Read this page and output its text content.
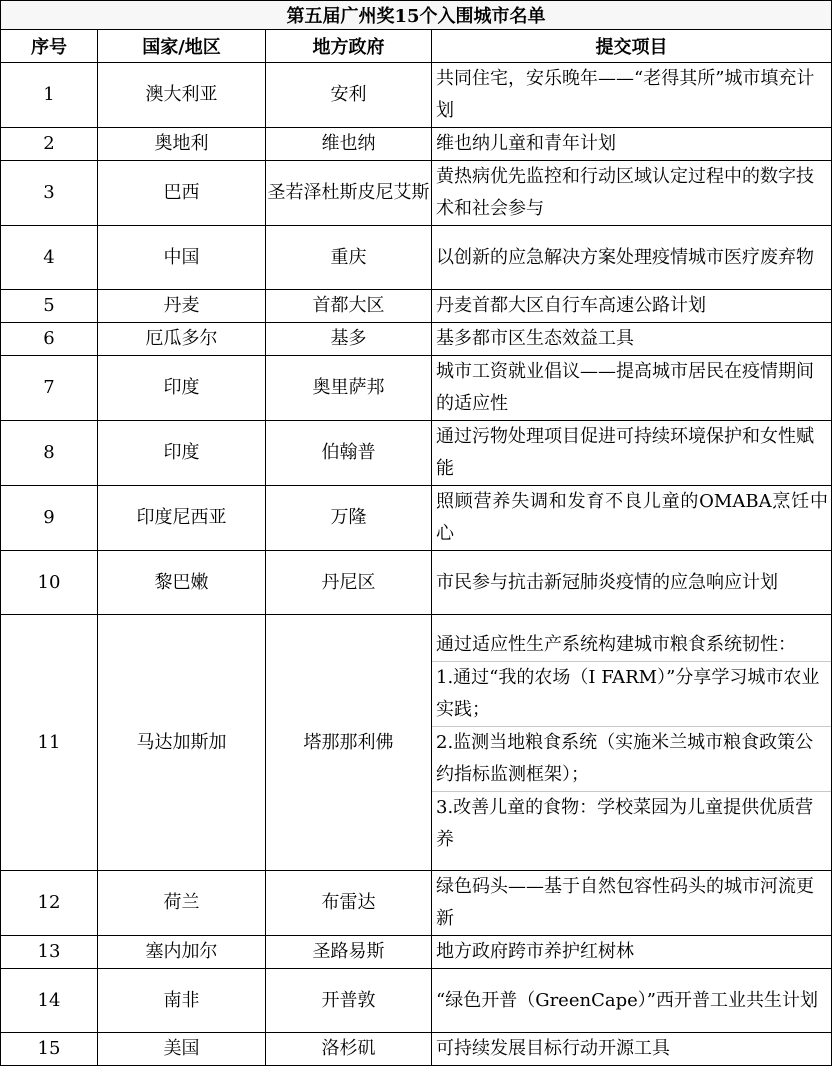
第五届广州奖15个入围城市名单			
序号	国家/地区	地方政府	提交项目
1	澳大利亚	安利	共同住宅，安乐晚年——“老得其所”城市填充计划
2	奥地利	维也纳	维也纳儿童和青年计划
3	巴西	圣若泽杜斯皮尼艾斯	黄热病优先监控和行动区域认定过程中的数字技术和社会参与
4	中国	重庆	以创新的应急解决方案处理疫情城市医疗废弃物
5	丹麦	首都大区	丹麦首都大区自行车高速公路计划
6	厄瓜多尔	基多	基多都市区生态效益工具
7	印度	奥里萨邦	城市工资就业倡议——提高城市居民在疫情期间的适应性
8	印度	伯翰普	通过污物处理项目促进可持续环境保护和女性赋能
9	印度尼西亚	万隆	照顾营养失调和发育不良儿童的OMABA烹饪中心
10	黎巴嫩	丹尼区	市民参与抗击新冠肺炎疫情的应急响应计划
11	马达加斯加	塔那那利佛	通过适应性生产系统构建城市粮食系统韧性：
1.通过“我的农场（I FARM）”分享学习城市农业实践；
2.监测当地粮食系统（实施米兰城市粮食政策公约指标监测框架）；
3.改善儿童的食物：学校菜园为儿童提供优质营养

12	荷兰	布雷达	绿色码头——基于自然包容性码头的城市河流更新
13	塞内加尔	圣路易斯	地方政府跨市养护红树林
14	南非	开普敦	“绿色开普（GreenCape）”西开普工业共生计划
15	美国	洛杉矶	可持续发展目标行动开源工具
